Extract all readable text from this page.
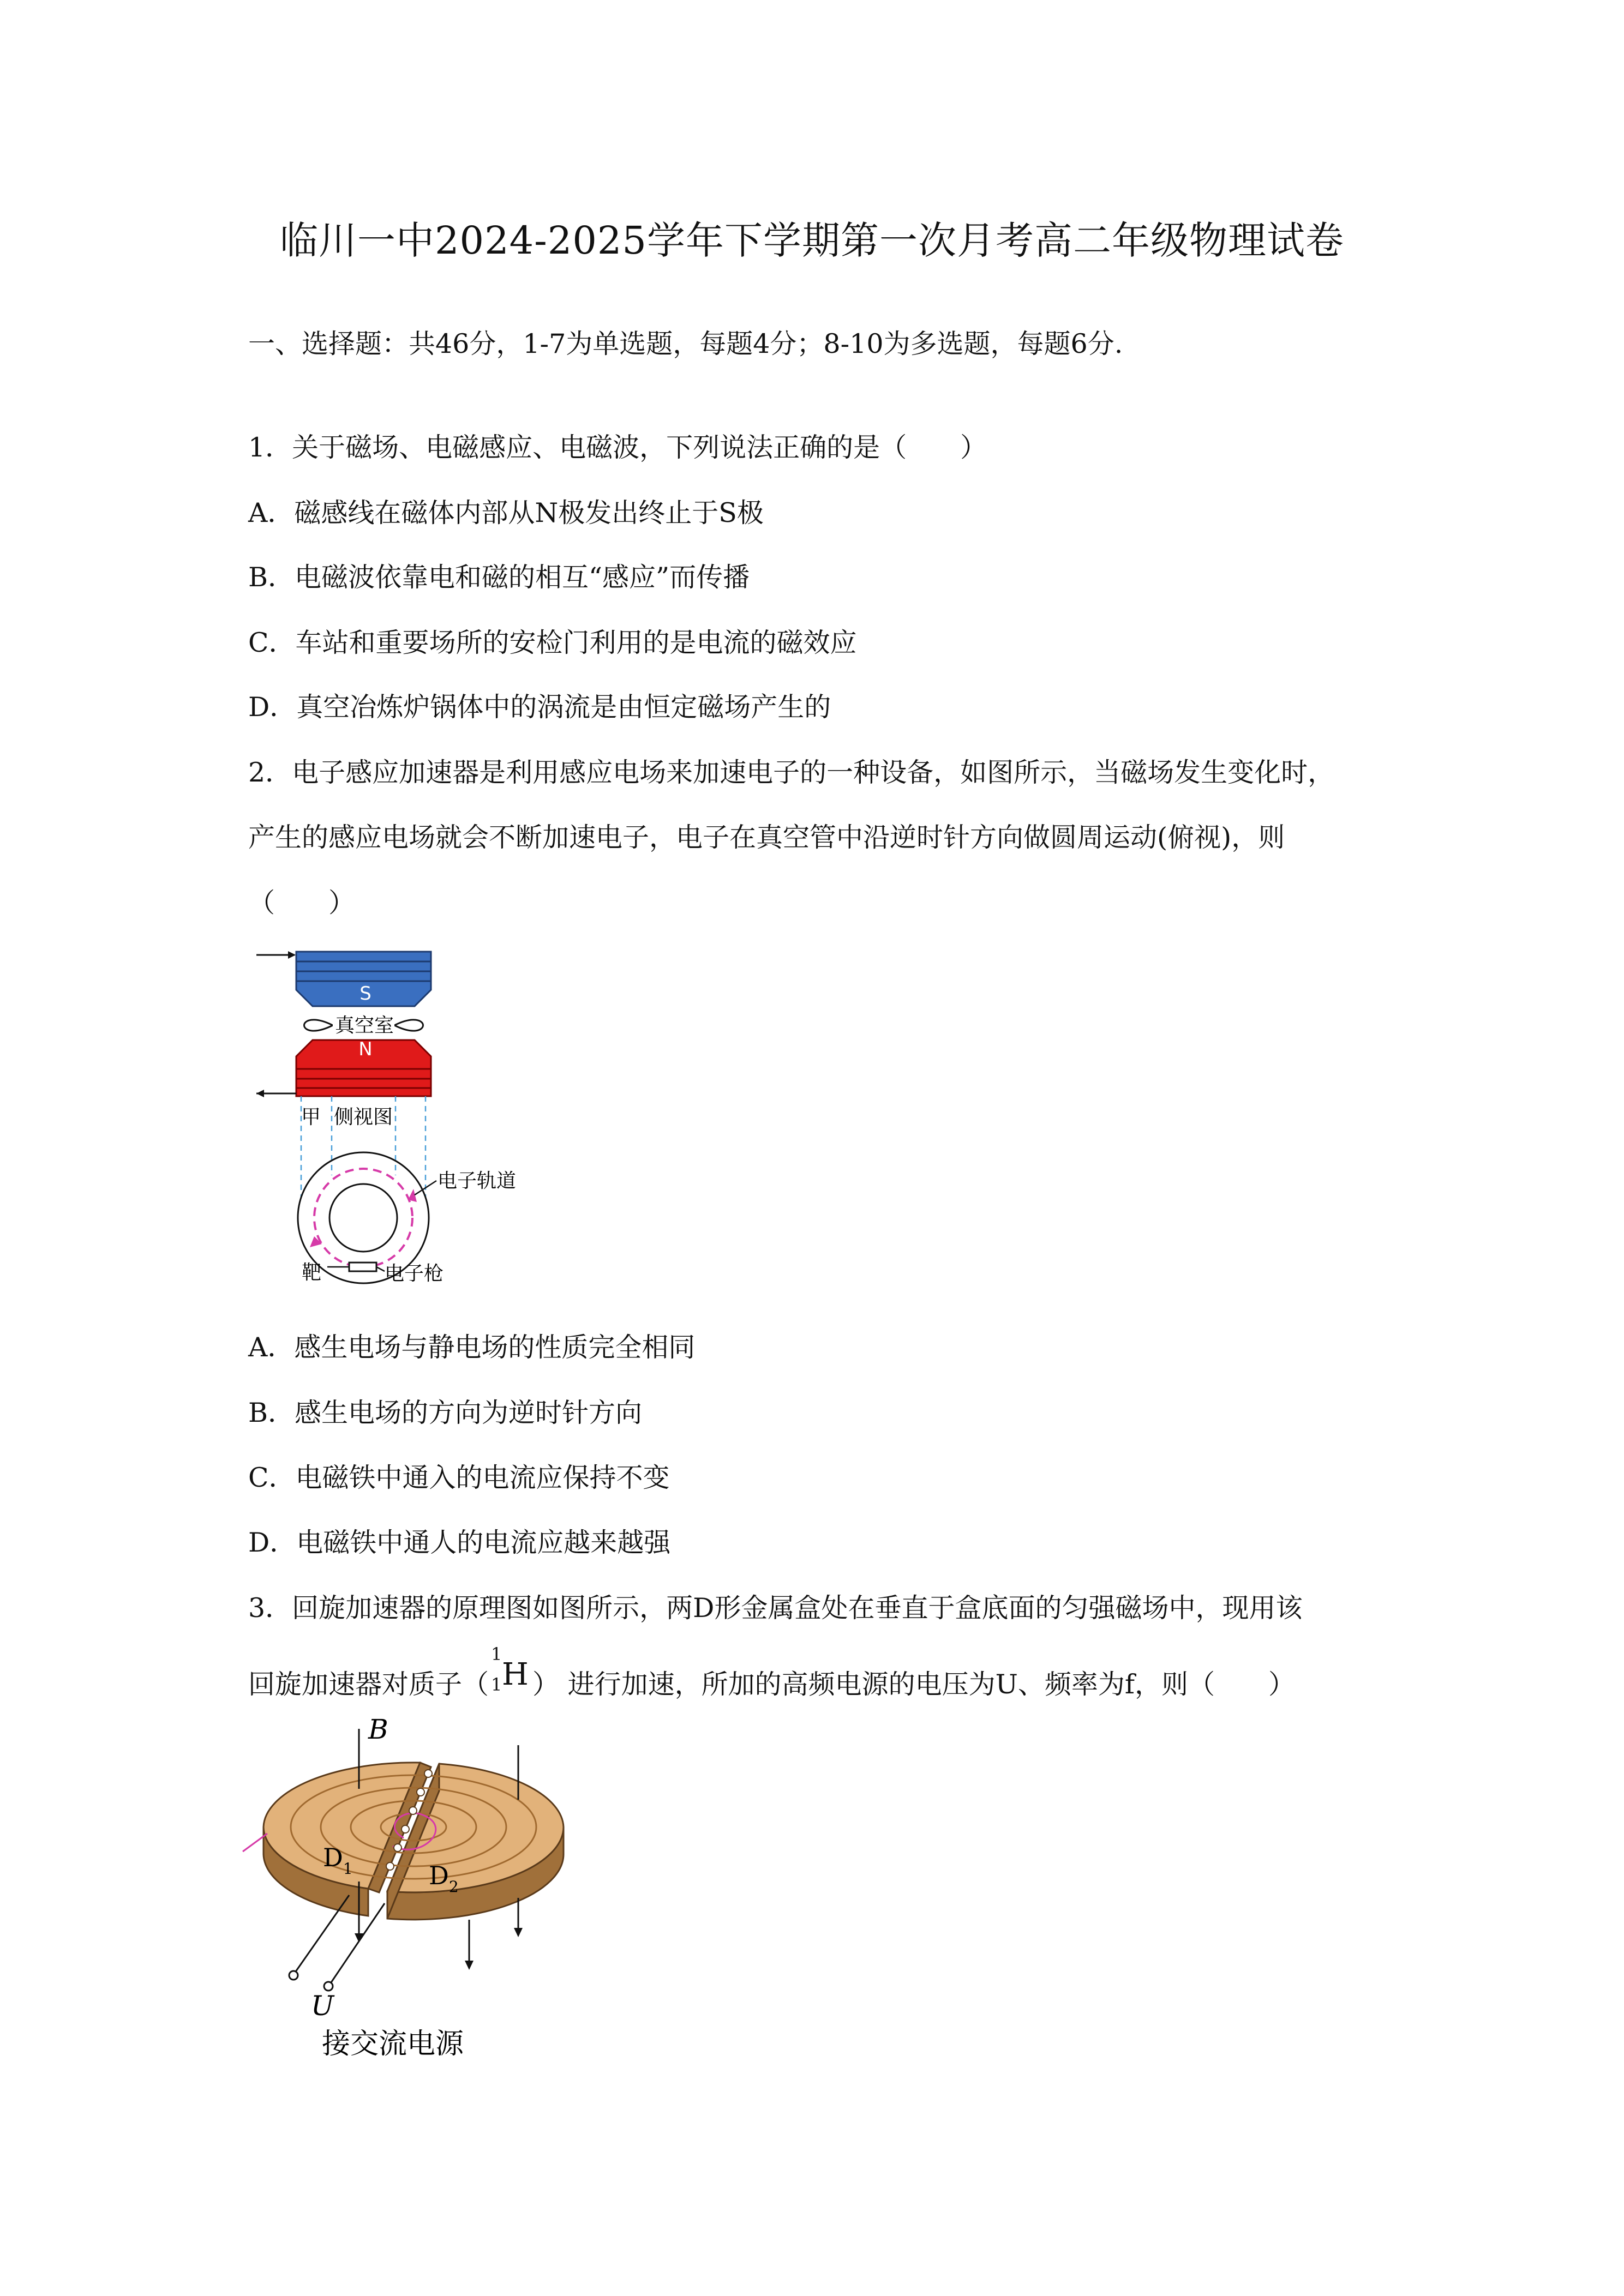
临川一中2024-2025学年下学期第一次月考高二年级物理试卷
一、选择题：共46分，1-7为单选题，每题4分；8-10为多选题，每题6分.
1．关于磁场、电磁感应、电磁波，下列说法正确的是（　　）
A．磁感线在磁体内部从N极发出终止于S极
B．电磁波依靠电和磁的相互“感应”而传播
C．车站和重要场所的安检门利用的是电流的磁效应
D．真空冶炼炉锅体中的涡流是由恒定磁场产生的
2．电子感应加速器是利用感应电场来加速电子的一种设备，如图所示，当磁场发生变化时，
产生的感应电场就会不断加速电子，电子在真空管中沿逆时针方向做圆周运动(俯视)，则
（　　）
S
真空室
N
甲 侧视图
电子轨道
靶	电子枪
A．感生电场与静电场的性质完全相同
B．感生电场的方向为逆时针方向
C．电磁铁中通入的电流应保持不变
D．电磁铁中通人的电流应越来越强
3．回旋加速器的原理图如图所示，两D形金属盒处在垂直于盒底面的匀强磁场中，现用该
回旋加速器对质子（
1
1 H ） 进行加速，所加的高频电源的电压为U、频率为f，则（　　）
B
$D_1$	$D_2$
U
接交流电源
